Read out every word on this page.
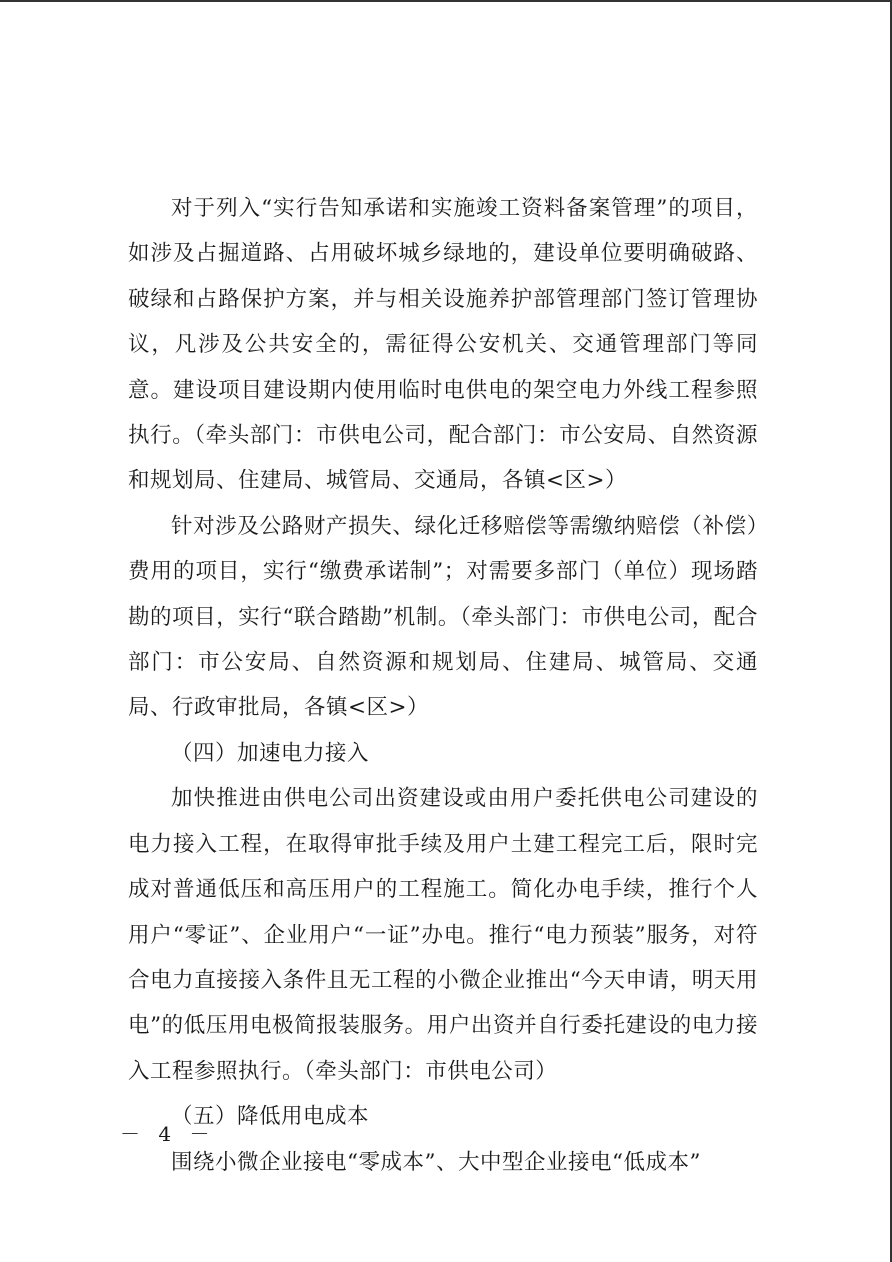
对于列入“实行告知承诺和实施竣工资料备案管理”的项目，如涉及占掘道路、占用破坏城乡绿地的，建设单位要明确破路、破绿和占路保护方案，并与相关设施养护部管理部门签订管理协议，凡涉及公共安全的，需征得公安机关、交通管理部门等同意。建设项目建设期内使用临时电供电的架空电力外线工程参照执行。（牵头部门：市供电公司，配合部门：市公安局、自然资源和规划局、住建局、城管局、交通局，各镇<区>）

针对涉及公路财产损失、绿化迁移赔偿等需缴纳赔偿（补偿）费用的项目，实行“缴费承诺制”；对需要多部门（单位）现场踏勘的项目，实行“联合踏勘”机制。（牵头部门：市供电公司，配合部门：市公安局、自然资源和规划局、住建局、城管局、交通局、行政审批局，各镇<区>）

（四）加速电力接入

加快推进由供电公司出资建设或由用户委托供电公司建设的电力接入工程，在取得审批手续及用户土建工程完工后，限时完成对普通低压和高压用户的工程施工。简化办电手续，推行个人用户“零证”、企业用户“一证”办电。推行“电力预装”服务，对符合电力直接接入条件且无工程的小微企业推出“今天申请，明天用电”的低压用电极简报装服务。用户出资并自行委托建设的电力接入工程参照执行。（牵头部门：市供电公司）

（五）降低用电成本

围绕小微企业接电“零成本”、大中型企业接电“低成本”

－ 4 －
